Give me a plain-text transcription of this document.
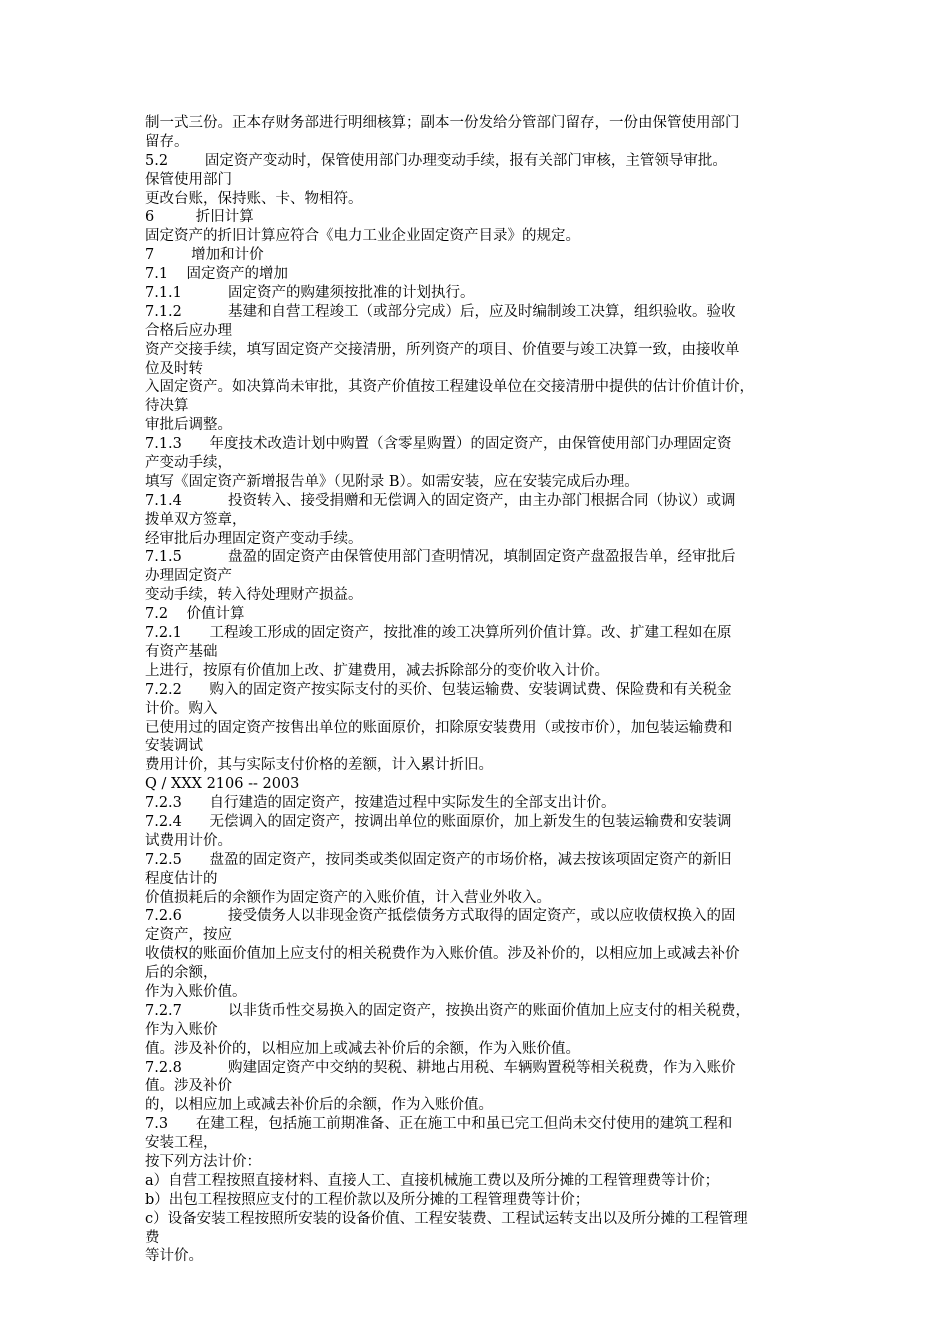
制一式三份。正本存财务部进行明细核算；副本一份发给分管部门留存，一份由保管使用部门
留存。
5.2        固定资产变动时，保管使用部门办理变动手续，报有关部门审核，主管领导审批。
保管使用部门
更改台账，保持账、卡、物相符。
6         折旧计算
固定资产的折旧计算应符合《电力工业企业固定资产目录》的规定。
7        增加和计价
7.1    固定资产的增加
7.1.1          固定资产的购建须按批准的计划执行。
7.1.2          基建和自营工程竣工（或部分完成）后，应及时编制竣工决算，组织验收。验收
合格后应办理
资产交接手续，填写固定资产交接清册，所列资产的项目、价值要与竣工决算一致，由接收单
位及时转
入固定资产。如决算尚未审批，其资产价值按工程建设单位在交接清册中提供的估计价值计价，
待决算
审批后调整。
7.1.3      年度技术改造计划中购置（含零星购置）的固定资产，由保管使用部门办理固定资
产变动手续，
填写《固定资产新增报告单》（见附录 B）。如需安装，应在安装完成后办理。
7.1.4          投资转入、接受捐赠和无偿调入的固定资产，由主办部门根据合同（协议）或调
拨单双方签章，
经审批后办理固定资产变动手续。
7.1.5          盘盈的固定资产由保管使用部门查明情况，填制固定资产盘盈报告单，经审批后
办理固定资产
变动手续，转入待处理财产损益。
7.2    价值计算
7.2.1      工程竣工形成的固定资产，按批准的竣工决算所列价值计算。改、扩建工程如在原
有资产基础
上进行，按原有价值加上改、扩建费用，减去拆除部分的变价收入计价。
7.2.2      购入的固定资产按实际支付的买价、包装运输费、安装调试费、保险费和有关税金
计价。购入
已使用过的固定资产按售出单位的账面原价，扣除原安装费用（或按市价），加包装运输费和
安装调试
费用计价，其与实际支付价格的差额，计入累计折旧。
Q / XXX 2106 -- 2003
7.2.3      自行建造的固定资产，按建造过程中实际发生的全部支出计价。
7.2.4      无偿调入的固定资产，按调出单位的账面原价，加上新发生的包装运输费和安装调
试费用计价。
7.2.5      盘盈的固定资产，按同类或类似固定资产的市场价格，减去按该项固定资产的新旧
程度估计的
价值损耗后的余额作为固定资产的入账价值，计入营业外收入。
7.2.6          接受债务人以非现金资产抵偿债务方式取得的固定资产，或以应收债权换入的固
定资产，按应
收债权的账面价值加上应支付的相关税费作为入账价值。涉及补价的，以相应加上或减去补价
后的余额，
作为入账价值。
7.2.7          以非货币性交易换入的固定资产，按换出资产的账面价值加上应支付的相关税费，
作为入账价
值。涉及补价的，以相应加上或减去补价后的余额，作为入账价值。
7.2.8          购建固定资产中交纳的契税、耕地占用税、车辆购置税等相关税费，作为入账价
值。涉及补价
的，以相应加上或减去补价后的余额，作为入账价值。
7.3      在建工程，包括施工前期准备、正在施工中和虽已完工但尚未交付使用的建筑工程和
安装工程，
按下列方法计价：
a）自营工程按照直接材料、直接人工、直接机械施工费以及所分摊的工程管理费等计价；
b）出包工程按照应支付的工程价款以及所分摊的工程管理费等计价；
c）设备安装工程按照所安装的设备价值、工程安装费、工程试运转支出以及所分摊的工程管理
费
等计价。
